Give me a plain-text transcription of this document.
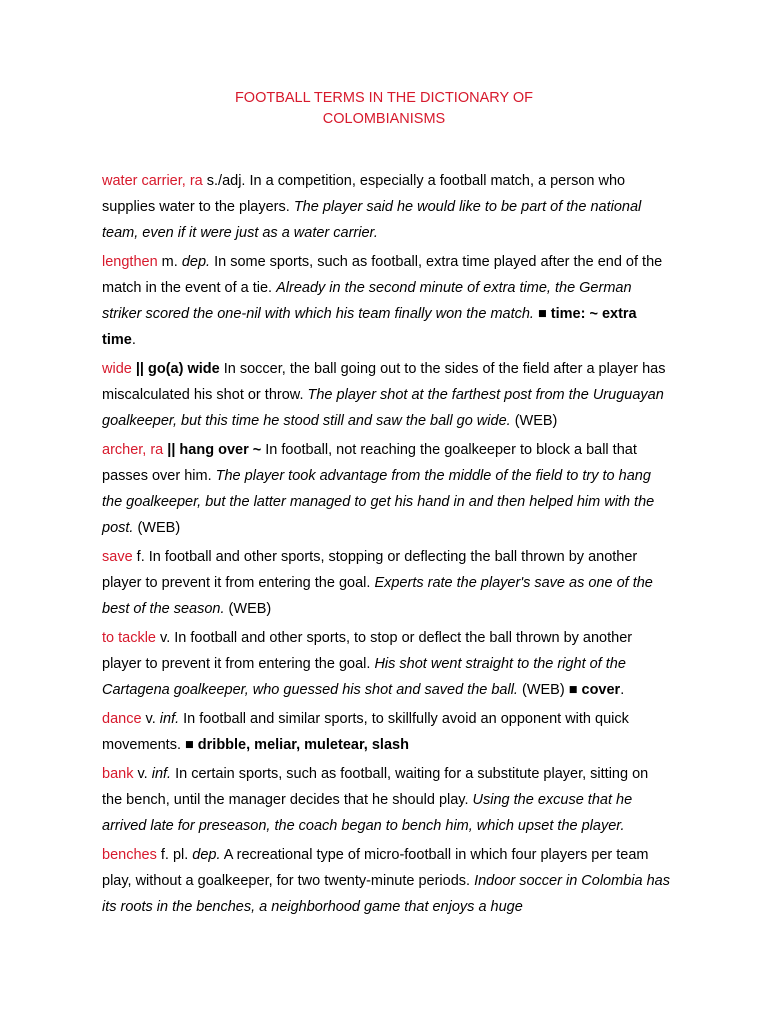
FOOTBALL TERMS IN THE DICTIONARY OF
COLOMBIANISMS

water carrier, ra s./adj. In a competition, especially a football match, a person who supplies water to the players. The player said he would like to be part of the national team, even if it were just as a water carrier.

lengthen m. dep. In some sports, such as football, extra time played after the end of the match in the event of a tie. Already in the second minute of extra time, the German striker scored the one-nil with which his team finally won the match. ■ time: ~ extra time.

wide || go(a) wide In soccer, the ball going out to the sides of the field after a player has miscalculated his shot or throw. The player shot at the farthest post from the Uruguayan goalkeeper, but this time he stood still and saw the ball go wide. (WEB)

archer, ra || hang over ~ In football, not reaching the goalkeeper to block a ball that passes over him. The player took advantage from the middle of the field to try to hang the goalkeeper, but the latter managed to get his hand in and then helped him with the post. (WEB)

save f. In football and other sports, stopping or deflecting the ball thrown by another player to prevent it from entering the goal. Experts rate the player's save as one of the best of the season. (WEB)

to tackle v. In football and other sports, to stop or deflect the ball thrown by another player to prevent it from entering the goal. His shot went straight to the right of the Cartagena goalkeeper, who guessed his shot and saved the ball. (WEB) ■ cover.

dance v. inf. In football and similar sports, to skillfully avoid an opponent with quick movements. ■ dribble, meliar, muletear, slash

bank v. inf. In certain sports, such as football, waiting for a substitute player, sitting on the bench, until the manager decides that he should play. Using the excuse that he arrived late for preseason, the coach began to bench him, which upset the player.

benches f. pl. dep. A recreational type of micro-football in which four players per team play, without a goalkeeper, for two twenty-minute periods. Indoor soccer in Colombia has its roots in the benches, a neighborhood game that enjoys a huge
